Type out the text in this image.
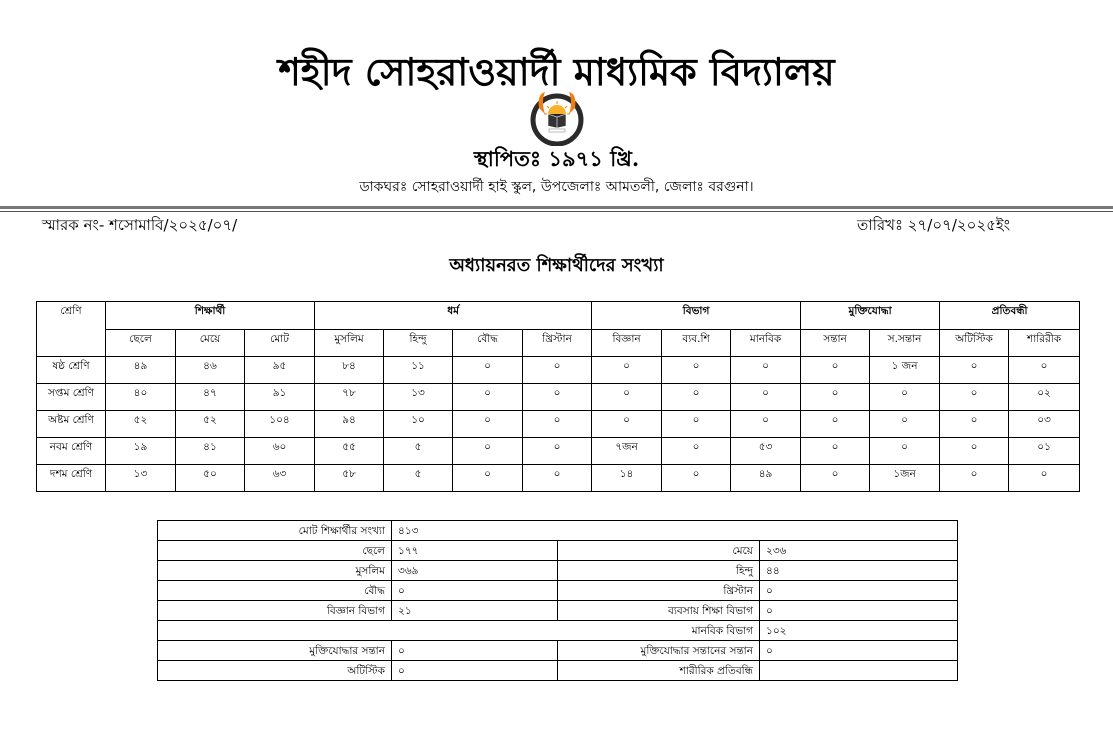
শহীদ সোহরাওয়ার্দী মাধ্যমিক বিদ্যালয়
স্থাপিতঃ ১৯৭১ খ্রি.
ডাকঘরঃ সোহরাওয়ার্দী হাই স্কুল, উপজেলাঃ আমতলী, জেলাঃ বরগুনা।
স্মারক নং- শসোমাবি/২০২৫/০৭/	তারিখঃ ২৭/০৭/২০২৫ইং
অধ্যায়নরত শিক্ষার্থীদের সংখ্যা
শ্রেণি	শিক্ষার্থী			ধর্ম				বিভাগ			মুক্তিযোদ্ধা		প্রতিবন্ধী	
	ছেলে	মেয়ে	মোট	মুসলিম	হিন্দু	বৌদ্ধ	খ্রিস্টান	বিজ্ঞান	ব্যব.শি	মানবিক	সন্তান	স.সন্তান	অটিস্টিক	শারিরীক
ষষ্ঠ শ্রেণি	৪৯	৪৬	৯৫	৮৪	১১	০	০	০	০	০	০	১ জন	০	০
সপ্তম শ্রেণি	৪০	৪৭	৯১	৭৮	১৩	০	০	০	০	০	০	০	০	০২
অষ্টম শ্রেণি	৫২	৫২	১০৪	৯৪	১০	০	০	০	০	০	০	০	০	০৩
নবম শ্রেণি	১৯	৪১	৬০	৫৫	৫	০	০	৭জন	০	৫৩	০	০	০	০১
দশম শ্রেণি	১৩	৫০	৬৩	৫৮	৫	০	০	১৪	০	৪৯	০	১জন	০	০
মোট শিক্ষার্থীর সংখ্যা	৪১৩		
ছেলে	১৭৭	মেয়ে	২৩৬
মুসলিম	৩৬৯	হিন্দু	৪৪
বৌদ্ধ	০	খ্রিস্টান	০
বিজ্ঞান বিভাগ	২১	ব্যবসায় শিক্ষা বিভাগ	০
মানবিক বিভাগ			১০২
মুক্তিযোদ্ধার সন্তান	০	মুক্তিযোদ্ধার সন্তানের সন্তান	০
অটিস্টিক	০	শারীরিক প্রতিবন্ধি	
